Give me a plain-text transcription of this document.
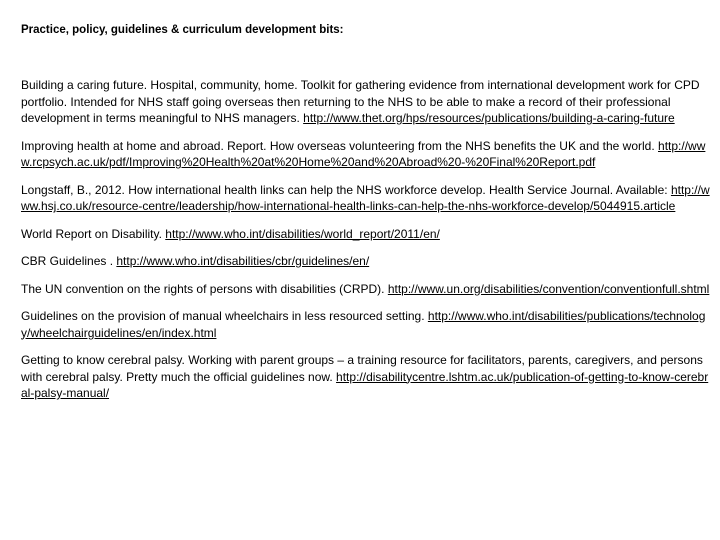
Practice, policy, guidelines & curriculum development bits:
Building a caring future. Hospital, community, home. Toolkit for gathering evidence from international development work for CPD portfolio. Intended for NHS staff going overseas then returning to the NHS to be able to make a record of their professional development in terms meaningful to NHS managers. http://www.thet.org/hps/resources/publications/building-a-caring-future
Improving health at home and abroad. Report. How overseas volunteering from the NHS benefits the UK and the world. http://www.rcpsych.ac.uk/pdf/Improving%20Health%20at%20Home%20and%20Abroad%20-%20Final%20Report.pdf
Longstaff, B., 2012. How international health links can help the NHS workforce develop. Health Service Journal. Available: http://www.hsj.co.uk/resource-centre/leadership/how-international-health-links-can-help-the-nhs-workforce-develop/5044915.article
World Report on Disability. http://www.who.int/disabilities/world_report/2011/en/
CBR Guidelines . http://www.who.int/disabilities/cbr/guidelines/en/
The UN convention on the rights of persons with disabilities (CRPD). http://www.un.org/disabilities/convention/conventionfull.shtml
Guidelines on the provision of manual wheelchairs in less resourced setting. http://www.who.int/disabilities/publications/technology/wheelchairguidelines/en/index.html
Getting to know cerebral palsy. Working with parent groups – a training resource for facilitators, parents, caregivers, and persons with cerebral palsy. Pretty much the official guidelines now. http://disabilitycentre.lshtm.ac.uk/publication-of-getting-to-know-cerebral-palsy-manual/
